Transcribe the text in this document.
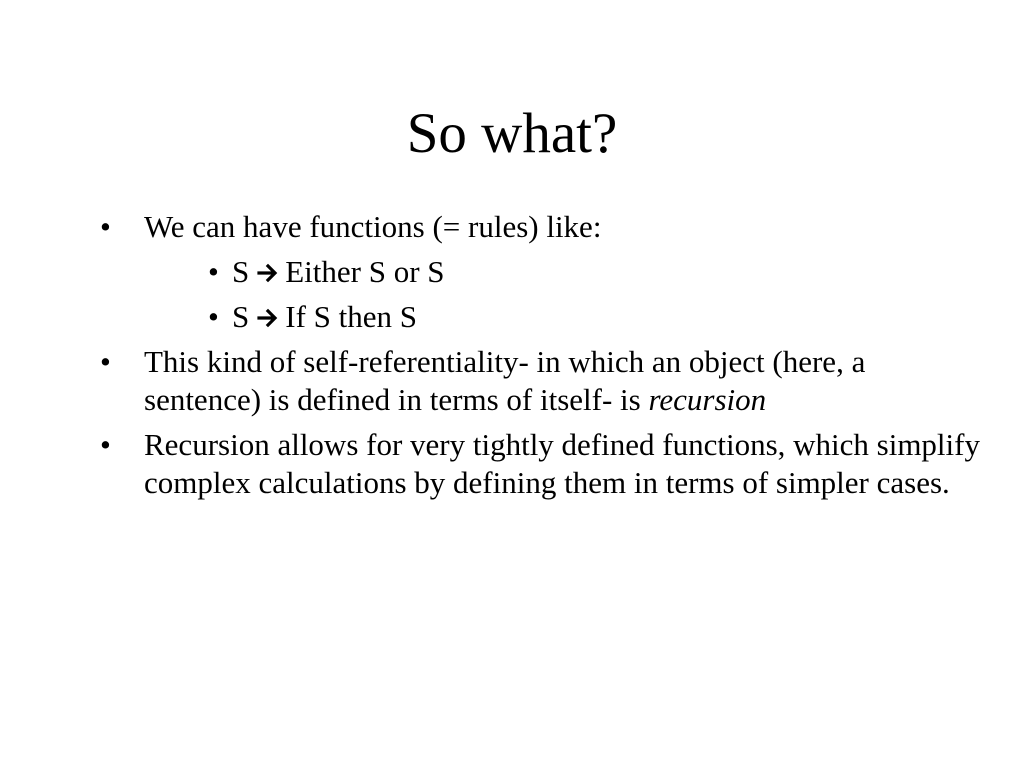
So what?
• We can have functions (= rules) like:
• S Either S or S
• S If S then S
• This kind of self-referentiality- in which an object (here, a sentence) is defined in terms of itself- is recursion
• Recursion allows for very tightly defined functions, which simplify complex calculations by defining them in terms of simpler cases.
